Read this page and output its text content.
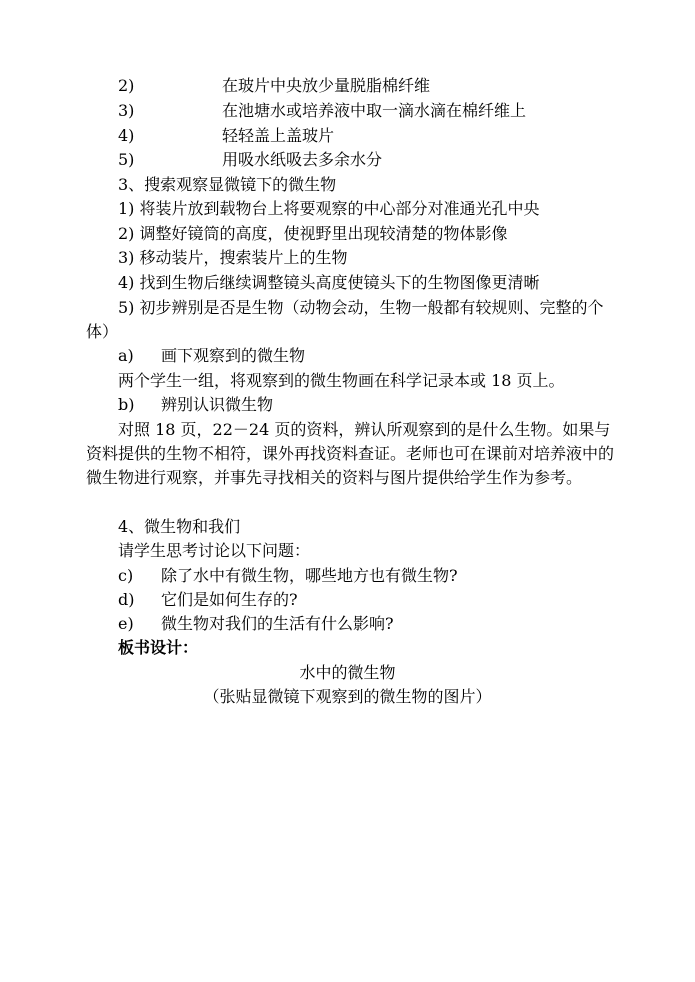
2)	在玻片中央放少量脱脂棉纤维
3)	在池塘水或培养液中取一滴水滴在棉纤维上
4)	轻轻盖上盖玻片
5)	用吸水纸吸去多余水分
3、搜索观察显微镜下的微生物
1) 将装片放到载物台上将要观察的中心部分对准通光孔中央
2) 调整好镜筒的高度，使视野里出现较清楚的物体影像
3) 移动装片，搜索装片上的生物
4) 找到生物后继续调整镜头高度使镜头下的生物图像更清晰
5) 初步辨别是否是生物（动物会动，生物一般都有较规则、完整的个体）
a) 画下观察到的微生物
两个学生一组，将观察到的微生物画在科学记录本或 18 页上。
b) 辨别认识微生物
对照 18 页，22－24 页的资料，辨认所观察到的是什么生物。如果与资料提供的生物不相符，课外再找资料查证。老师也可在课前对培养液中的微生物进行观察，并事先寻找相关的资料与图片提供给学生作为参考。
4、微生物和我们
请学生思考讨论以下问题：
c) 除了水中有微生物，哪些地方也有微生物?
d) 它们是如何生存的?
e) 微生物对我们的生活有什么影响?
板书设计：
水中的微生物
（张贴显微镜下观察到的微生物的图片）
